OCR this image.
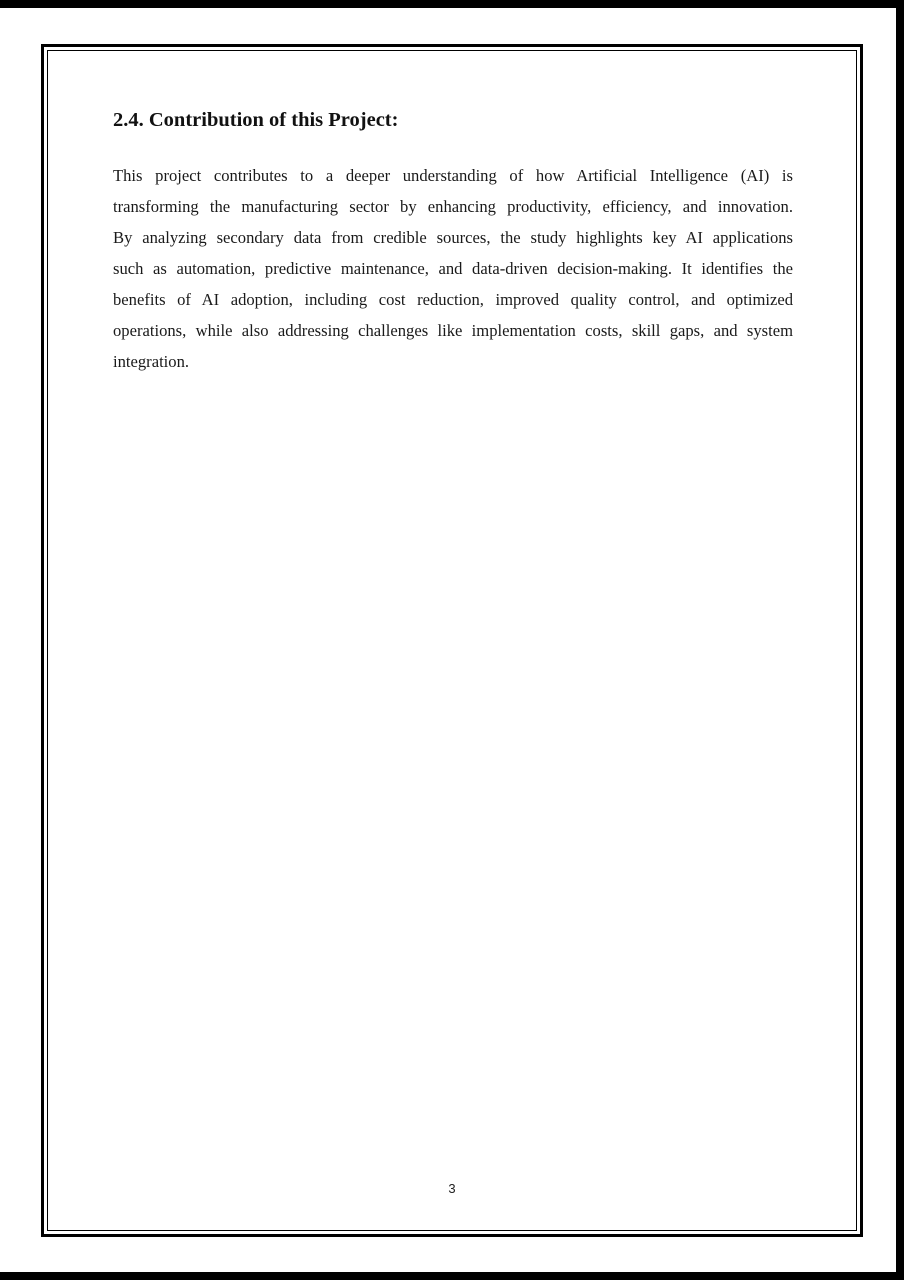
2.4. Contribution of this Project:

This project contributes to a deeper understanding of how Artificial Intelligence (AI) is
transforming the manufacturing sector by enhancing productivity, efficiency, and innovation.
By analyzing secondary data from credible sources, the study highlights key AI applications
such as automation, predictive maintenance, and data-driven decision-making. It identifies the
benefits of AI adoption, including cost reduction, improved quality control, and optimized
operations, while also addressing challenges like implementation costs, skill gaps, and system
integration.

3
